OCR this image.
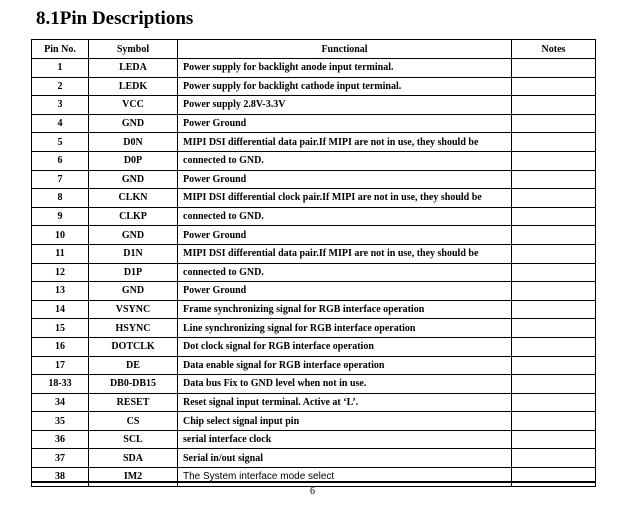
8.1Pin Descriptions
Pin No.	Symbol	Functional	Notes
1	LEDA	Power supply for backlight anode input terminal.	
2	LEDK	Power supply for backlight cathode input terminal.	
3	VCC	Power supply 2.8V-3.3V	
4	GND	Power Ground	
5	D0N	MIPI DSI differential data pair.If MIPI are not in use, they should be	
6	D0P	connected to GND.	
7	GND	Power Ground	
8	CLKN	MIPI DSI differential clock pair.If MIPI are not in use, they should be	
9	CLKP	connected to GND.	
10	GND	Power Ground	
11	D1N	MIPI DSI differential data pair.If MIPI are not in use, they should be	
12	D1P	connected to GND.	
13	GND	Power Ground	
14	VSYNC	Frame synchronizing signal for RGB interface operation	
15	HSYNC	Line synchronizing signal for RGB interface operation	
16	DOTCLK	Dot clock signal for RGB interface operation	
17	DE	Data enable signal for RGB interface operation	
18-33	DB0-DB15	Data bus Fix to GND level when not in use.	
34	RESET	Reset signal input terminal. Active at ‘L’.	
35	CS	Chip select signal input pin	
36	SCL	serial interface clock	
37	SDA	Serial in/out signal	
38	IM2	The System interface mode select	
6
